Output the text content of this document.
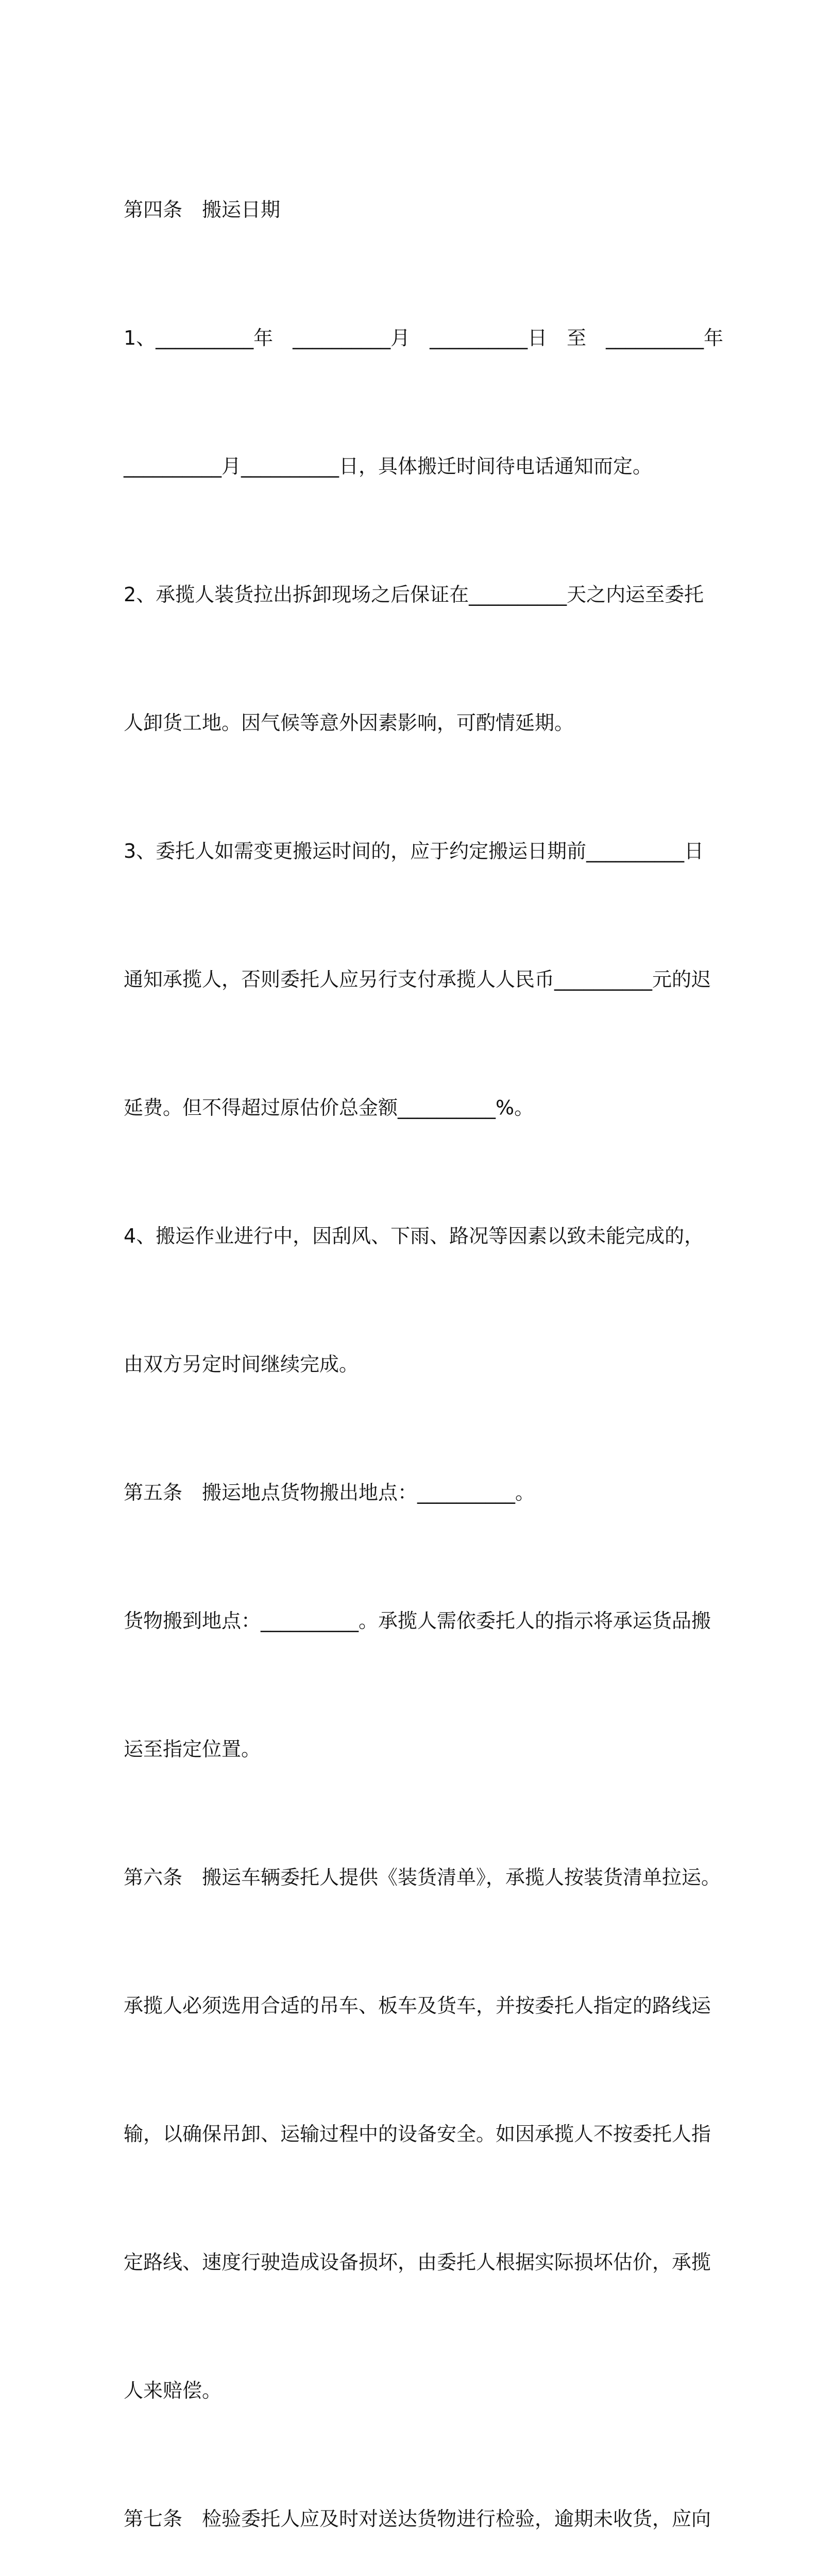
第四条　搬运日期

1、__________年　__________月　__________日　至　__________年

__________月__________日，具体搬迁时间待电话通知而定。

2、承揽人装货拉出拆卸现场之后保证在__________天之内运至委托

人卸货工地。因气候等意外因素影响，可酌情延期。

3、委托人如需变更搬运时间的，应于约定搬运日期前__________日

通知承揽人，否则委托人应另行支付承揽人人民币__________元的迟

延费。但不得超过原估价总金额__________%。

4、搬运作业进行中，因刮风、下雨、路况等因素以致未能完成的，

由双方另定时间继续完成。

第五条　搬运地点货物搬出地点：__________。

货物搬到地点：__________。承揽人需依委托人的指示将承运货品搬

运至指定位置。

第六条　搬运车辆委托人提供《装货清单》，承揽人按装货清单拉运。

承揽人必须选用合适的吊车、板车及货车，并按委托人指定的路线运

输，以确保吊卸、运输过程中的设备安全。如因承揽人不按委托人指

定路线、速度行驶造成设备损坏，由委托人根据实际损坏估价，承揽

人来赔偿。

第七条　检验委托人应及时对送达货物进行检验，逾期未收货，应向
